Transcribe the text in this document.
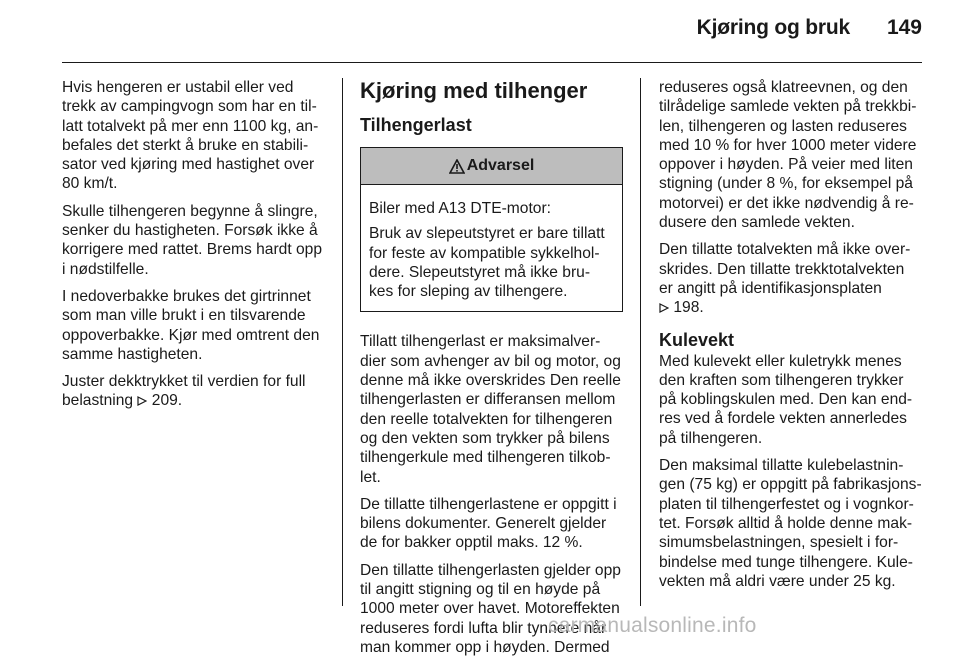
Kjøring og bruk	149
Hvis hengeren er ustabil eller ved
trekk av campingvogn som har en til-
latt totalvekt på mer enn 1100 kg, an-
befales det sterkt å bruke en stabili-
sator ved kjøring med hastighet over
80 km/t.
Skulle tilhengeren begynne å slingre,
senker du hastigheten. Forsøk ikke å
korrigere med rattet. Brems hardt opp
i nødstilfelle.
I nedoverbakke brukes det girtrinnet
som man ville brukt i en tilsvarende
oppoverbakke. Kjør med omtrent den
samme hastigheten.
Juster dekktrykket til verdien for full
belastning 209.
Kjøring med tilhenger
Tilhengerlast
Advarsel
Biler med A13 DTE-motor:
Bruk av slepeutstyret er bare tillatt
for feste av kompatible sykkelhol-
dere. Slepeutstyret må ikke bru-
kes for sleping av tilhengere.
Tillatt tilhengerlast er maksimalver-
dier som avhenger av bil og motor, og
denne må ikke overskrides Den reelle
tilhengerlasten er differansen mellom
den reelle totalvekten for tilhengeren
og den vekten som trykker på bilens
tilhengerkule med tilhengeren tilkob-
let.
De tillatte tilhengerlastene er oppgitt i
bilens dokumenter. Generelt gjelder
de for bakker opptil maks. 12 %.
Den tillatte tilhengerlasten gjelder opp
til angitt stigning og til en høyde på
1000 meter over havet. Motoreffekten
reduseres fordi lufta blir tynnere når
man kommer opp i høyden. Dermed
reduseres også klatreevnen, og den
tilrådelige samlede vekten på trekkbi-
len, tilhengeren og lasten reduseres
med 10 % for hver 1000 meter videre
oppover i høyden. På veier med liten
stigning (under 8 %, for eksempel på
motorvei) er det ikke nødvendig å re-
dusere den samlede vekten.
Den tillatte totalvekten må ikke over-
skrides. Den tillatte trekktotalvekten
er angitt på identifikasjonsplaten
198.
Kulevekt
Med kulevekt eller kuletrykk menes
den kraften som tilhengeren trykker
på koblingskulen med. Den kan end-
res ved å fordele vekten annerledes
på tilhengeren.
Den maksimal tillatte kulebelastnin-
gen (75 kg) er oppgitt på fabrikasjons-
platen til tilhengerfestet og i vognkor-
tet. Forsøk alltid å holde denne mak-
simumsbelastningen, spesielt i for-
bindelse med tunge tilhengere. Kule-
vekten må aldri være under 25 kg.
carmanualsonline.info
